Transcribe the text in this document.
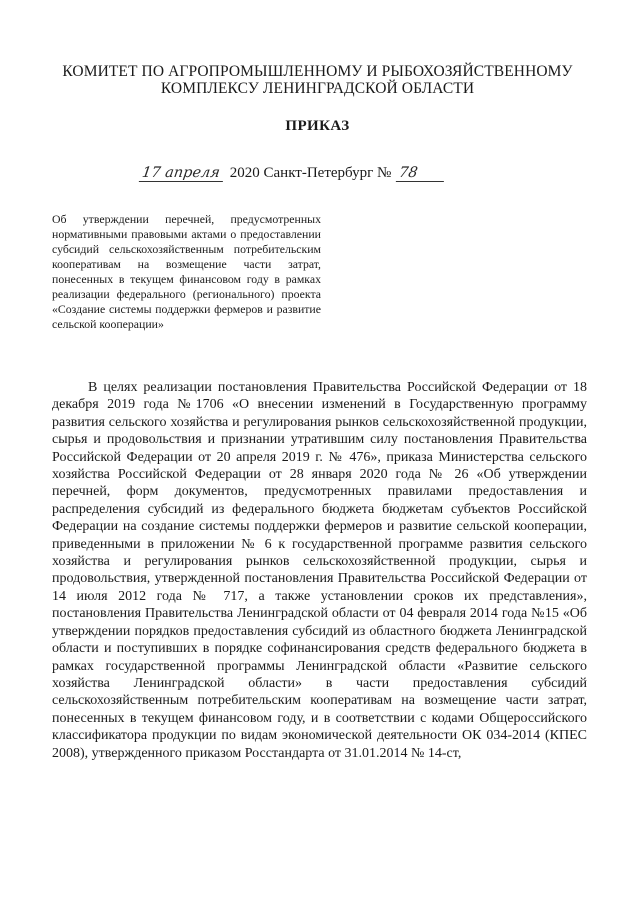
КОМИТЕТ ПО АГРОПРОМЫШЛЕННОМУ И РЫБОХОЗЯЙСТВЕННОМУ
КОМПЛЕКСУ ЛЕНИНГРАДСКОЙ ОБЛАСТИ
ПРИКАЗ
17 апреля 2020 Санкт-Петербург № 78
Об утверждении перечней, предусмотренных нормативными правовыми актами о предоставлении субсидий сельскохозяйственным потребительским кооперативам на возмещение части затрат, понесенных в текущем финансовом году в рамках реализации федерального (регионального) проекта «Создание системы поддержки фермеров и развитие сельской кооперации»
В целях реализации постановления Правительства Российской Федерации от 18 декабря 2019 года №1706 «О внесении изменений в Государственную программу развития сельского хозяйства и регулирования рынков сельскохозяйственной продукции, сырья и продовольствия и признании утратившим силу постановления Правительства Российской Федерации от 20 апреля 2019 г. № 476», приказа Министерства сельского хозяйства Российской Федерации от 28 января 2020 года № 26 «Об утверждении перечней, форм документов, предусмотренных правилами предоставления и распределения субсидий из федерального бюджета бюджетам субъектов Российской Федерации на создание системы поддержки фермеров и развитие сельской кооперации, приведенными в приложении № 6 к государственной программе развития сельского хозяйства и регулирования рынков сельскохозяйственной продукции, сырья и продовольствия, утвержденной постановления Правительства Российской Федерации от 14 июля 2012 года № 717, а также установлении сроков их представления», постановления Правительства Ленинградской области от 04 февраля 2014 года №15 «Об утверждении порядков предоставления субсидий из областного бюджета Ленинградской области и поступивших в порядке софинансирования средств федерального бюджета в рамках государственной программы Ленинградской области «Развитие сельского хозяйства Ленинградской области» в части предоставления субсидий сельскохозяйственным потребительским кооперативам на возмещение части затрат, понесенных в текущем финансовом году, и в соответствии с кодами Общероссийского классификатора продукции по видам экономической деятельности ОК 034-2014 (КПЕС 2008), утвержденного приказом Росстандарта от 31.01.2014 № 14-ст,
